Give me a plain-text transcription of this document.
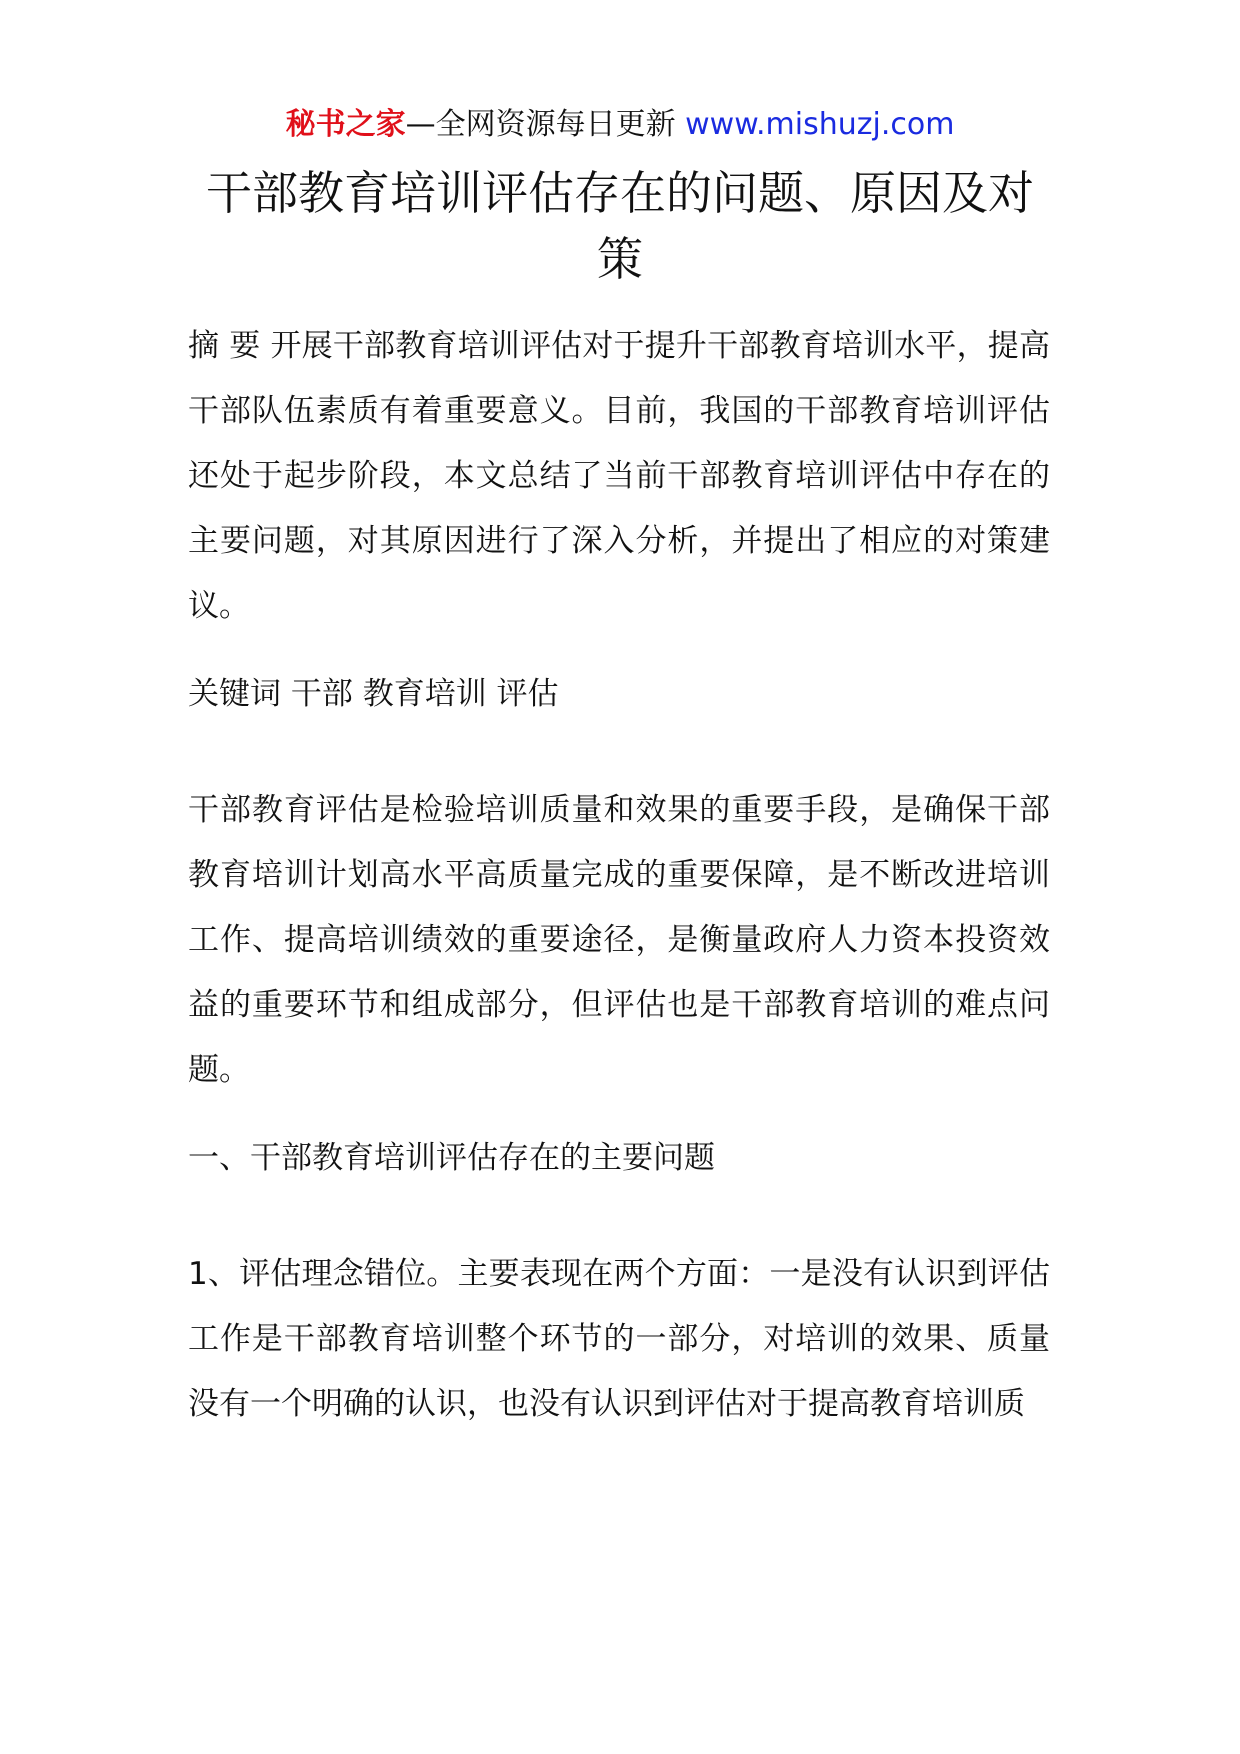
秘书之家—全网资源每日更新 www.mishuzj.com
干部教育培训评估存在的问题、原因及对策

摘 要 开展干部教育培训评估对于提升干部教育培训水平，提高干部队伍素质有着重要意义。目前，我国的干部教育培训评估还处于起步阶段，本文总结了当前干部教育培训评估中存在的主要问题，对其原因进行了深入分析，并提出了相应的对策建议。

关键词 干部 教育培训 评估

干部教育评估是检验培训质量和效果的重要手段，是确保干部教育培训计划高水平高质量完成的重要保障，是不断改进培训工作、提高培训绩效的重要途径，是衡量政府人力资本投资效益的重要环节和组成部分，但评估也是干部教育培训的难点问题。

一、干部教育培训评估存在的主要问题

1、评估理念错位。主要表现在两个方面：一是没有认识到评估工作是干部教育培训整个环节的一部分，对培训的效果、质量没有一个明确的认识，也没有认识到评估对于提高教育培训质
